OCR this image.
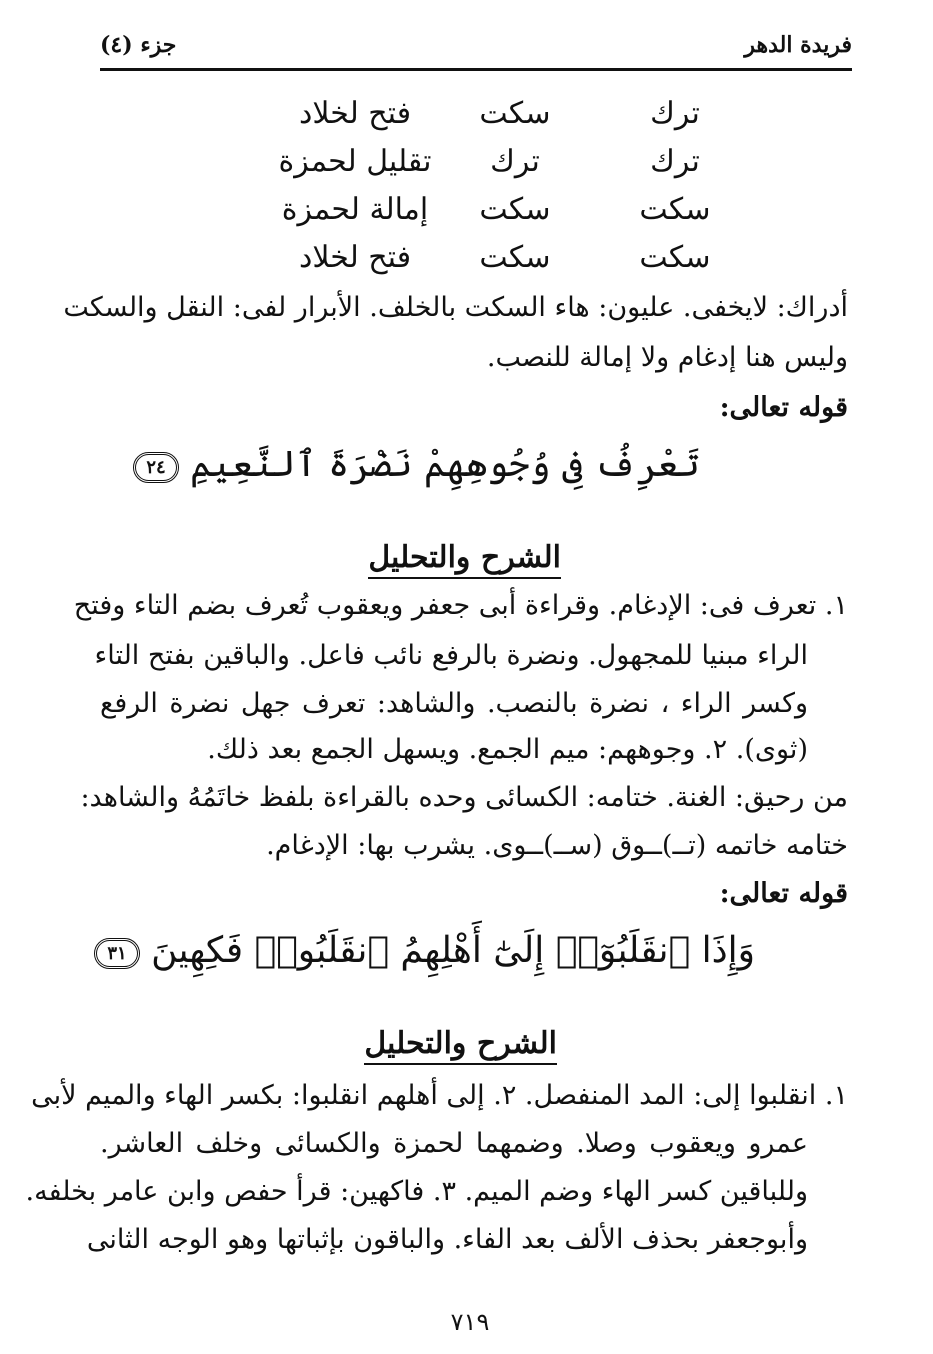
فريدة الدهر
جزء (٤)
ترك
سكت
فتح لخلاد
ترك
ترك
تقليل لحمزة
سكت
سكت
إمالة لحمزة
سكت
سكت
فتح لخلاد
أدراك: لايخفى. عليون: هاء السكت بالخلف. الأبرار لفى: النقل والسكت
وليس هنا إدغام ولا إمالة للنصب.
قوله تعالى:
تَعْرِفُ فِى وُجُوهِهِمْ نَضْرَةَ ٱلنَّعِيمِ ٢٤
الشرح والتحليل
١. تعرف فى: الإدغام. وقراءة أبى جعفر ويعقوب تُعرف بضم التاء وفتح
الراء مبنيا للمجهول. ونضرة بالرفع نائب فاعل. والباقين بفتح التاء
وكسر الراء ، نضرة بالنصب. والشاهد: تعرف جهل نضرة الرفع
(ثوى). ٢. وجوههم: ميم الجمع. ويسهل الجمع بعد ذلك.
من رحيق: الغنة. ختامه: الكسائى وحده بالقراءة بلفظ خاتَمُهُ والشاهد:
ختامه خاتمه (تــ)ــوق (ســ)ــوى. يشرب بها: الإدغام.
قوله تعالى:
وَإِذَا ٱنقَلَبُوٓا۟ إِلَىٰٓ أَهْلِهِمُ ٱنقَلَبُوا۟ فَكِهِينَ ٣١
الشرح والتحليل
١. انقلبوا إلى: المد المنفصل. ٢. إلى أهلهم انقلبوا: بكسر الهاء والميم لأبى
عمرو ويعقوب وصلا. وضمهما لحمزة والكسائى وخلف العاشر.
وللباقين كسر الهاء وضم الميم. ٣. فاكهين: قرأ حفص وابن عامر بخلفه.
وأبوجعفر بحذف الألف بعد الفاء. والباقون بإثباتها وهو الوجه الثانى
٧١٩
